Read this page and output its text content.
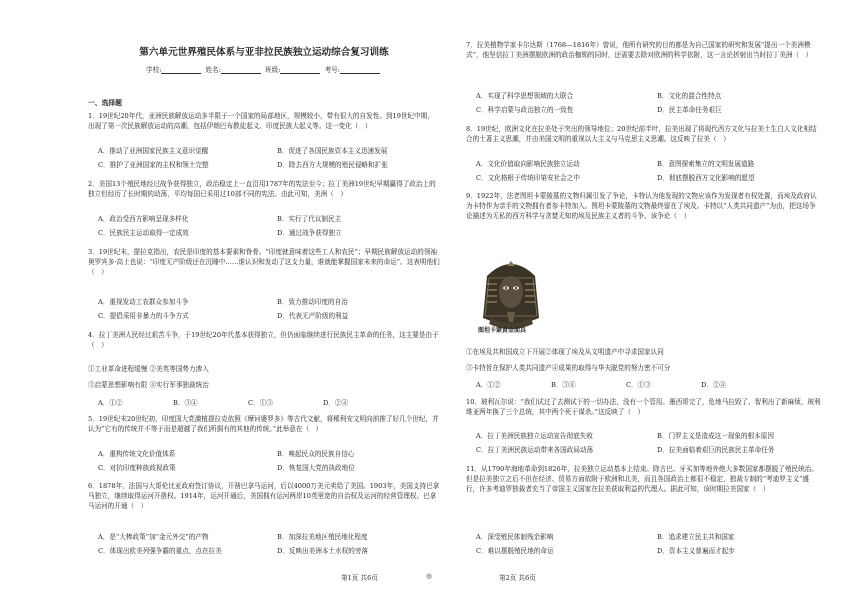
第六单元世界殖民体系与亚非拉民族独立运动综合复习训练
学校:	姓名:	班级:	考号:
一、选择题
1．19世纪20年代，亚洲民族解放运动多半限于一个国家的局部地区，规模较小，带有很大的自发性。到19世纪中期，出现了第一次民族解放运动的高潮，包括伊朗巴布教徒起义、印度民族大起义等。这一变化（　）
A．推动了亚洲国家民族主义意识觉醒	B．促进了各国民族资本主义迅速发展
C．推护了亚洲国家的主权和领土完整	D．除去西方大规模的殖民侵略和扩张
2．美国13个殖民地经过战争获得独立，政治稳定上一直沿用1787年的宪法至今；拉丁美洲19世纪早期赢得了政治上的独立但经历了长时期的动荡，平均每国已采用过10部不同的宪法。由此可知，美洲（　）
A．政治受西方影响呈现多样化	B．实行了代议制民主
C．民族民主运动取得一定成效	D．通过战争获得独立
3．19世纪末，提拉克指出，农民是印度的基本要素和脊骨。“印度就意味着这些工人和农民”；早期民族解放运动的领袖奥罗宾多·高士也说：“印度无产阶级还在沉睡中……谁认识和发动了这支力量，谁就能掌握国家未来的命运”。这表明他们（　）
A．重视发动工农群众参加斗争	B．致力推动印度的自治
C．提倡采用非暴力的斗争方式	D．代表无产阶级的利益
4．拉丁美洲人民经过艰苦斗争，于19世纪20年代基本获得独立，但仍面临继续进行民族民主革命的任务，这主要是由于（　）
①工业革命进程缓慢 ②美英等国势力渗入
③启蒙思想影响有限 ④实行军事独裁统治
A．①②	B．③④	C．①③	D．②④
5．19世纪末20世纪初，印度国大党激植提拉克依照《摩诃婆罗多》等古代文献，将稀利安文明向前推了好几个世纪，并认为“它有的传统并不等于而是超越了我们所拥有的其他的传统。”此举意在（　）
A．重构传统文化价值体系	B．唤起民众的民族自信心
C．对抗印度种族歧视政策	D．恢复国大党的执政地位
6．1878年，法国与大哥伦比亚政府签订协议，开凿巴拿马运河，后以4000万美元卖给了美国。1903年，美国支持巴拿马独立，继续取得运河开凿权。1914年，运河开通后，美国拥有运河两岸10英里宽的自治权及运河的经营管理权。巴拿马运河的开通（　）
A．是“大棒政策”加“金元外交”的产物	B．加深拉美地区殖民地化程度
C．体现出欧美列强争霸的重点，点在拉美	D．反映出美洲本土水权的旁落
7．拉美植物学家卡尔达斯（1768—1816年）曾说，他所有研究的目的都是为自己国家的研究和发展“提出一个美洲模式”，他坚信拉丁美洲摆脱欧洲的政治枷锁的同时，还需要去除对欧洲的科学依附，这一言论折射出当时拉丁美洲（　）
A．实现了科学思想领域的大联合	B．文化的混合性特点
C．科学启蒙与政治独立的一致性	D．民主革命任务艰巨
8．19世纪，欧洲文化在拉美处于突出的领导地位；20世纪前半叶，拉美出现了将现代西方文化与拉美土生白人文化相结合的土著主义思潮，并由美国文明的重视以大主义与马克思主义思潮。这反映了拉美（　）
A．文化价值取向影响民族独立运动	B．意图探索集立的文明发展道路
C．文化格根于传统印第安社会之中	D．彻底摆脱西方文化影响的愿望
9．1922年，法老图坦卡蒙陵墓的文物归属引发了争论，卡特认为他发现的文物应该作为发现者有权处置，而埃及政府认为卡特作为亲手的文物拥有者参卡特加入。图坦卡蒙陵墓的文物最终留在了埃及。卡特以“人类共同遗产”为由，把这场争论描述为无私的西方科学与贪婪无知的埃及民族主义者的斗争。该争论（　）
①在埃及共和国成立下开展②体现了埃及从文明遗产中寻求国家认同
③卡特旨在保护人类共同遗产④成果的取得与华夫脱党的努力密不可分
A．①②	B．③④	C．①③	D．②④
10．玻利瓦尔说：“我们试过了去测试下的一切办法，没有一个管用。墨西哥完了，危地马拉毁了，智利出了新麻烦，玻利维亚两年换了三个总统，其中两个死于谋杀。”这反映了（　）
A．拉丁美洲民族独立运动宣告彻底失败	B．门罗主义是造成这一现象的根本原因
C．拉丁美洲民族运动带来各国政局动荡	D．拉美面临着艰巨的民族民主革命任务
11．从1790年海地革命到1826年，拉美独立运动基本上结束。除古巴、牙买加等地外绝大多数国家都摆脱了殖民统治。但是拉美独立之后不但在经济、贸易方面依附于欧洲和北美，而且各国政治上都很不稳定，独裁专制的“考迪罗主义”盛行，许多考迪罗独裁者充当了帝国主义国家在拉美获取利益的代理人。据此可知，该时期拉美国家（　）
A．深受殖民体制残余影响	B．追求建立民主共和国家
C．难以摆脱殖民地的命运	D．资本主义普遍而才起步
图坦卡蒙黄金面具
第1页 共6页	◎	第2页 共6页
